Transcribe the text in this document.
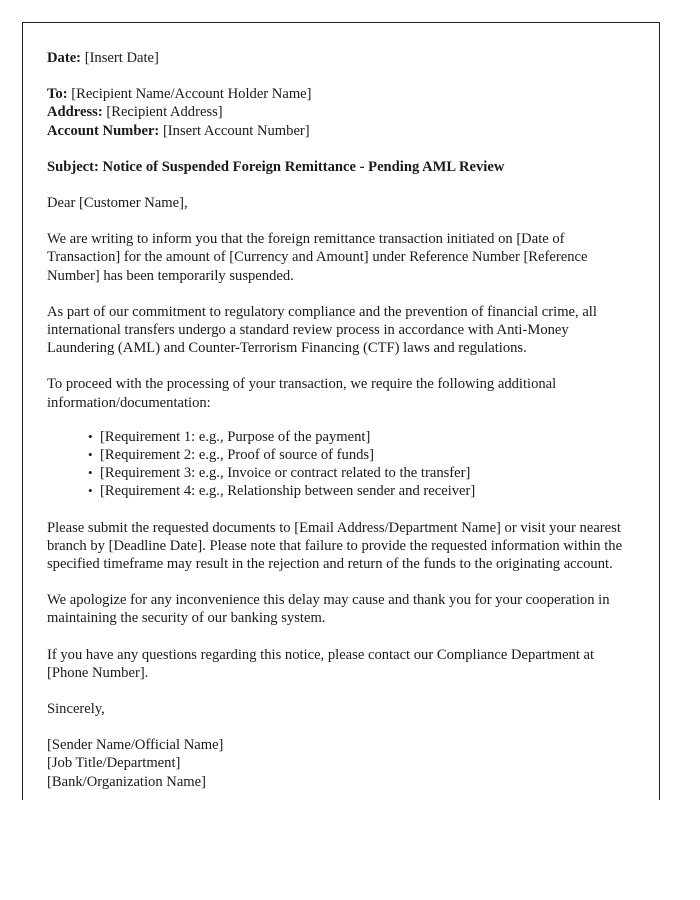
Date: [Insert Date]
To: [Recipient Name/Account Holder Name]
Address: [Recipient Address]
Account Number: [Insert Account Number]
Subject: Notice of Suspended Foreign Remittance - Pending AML Review

Dear [Customer Name],

We are writing to inform you that the foreign remittance transaction initiated on [Date of Transaction] for the amount of [Currency and Amount] under Reference Number [Reference Number] has been temporarily suspended.

As part of our commitment to regulatory compliance and the prevention of financial crime, all international transfers undergo a standard review process in accordance with Anti-Money Laundering (AML) and Counter-Terrorism Financing (CTF) laws and regulations.

To proceed with the processing of your transaction, we require the following additional information/documentation:

• [Requirement 1: e.g., Purpose of the payment]
• [Requirement 2: e.g., Proof of source of funds]
• [Requirement 3: e.g., Invoice or contract related to the transfer]
• [Requirement 4: e.g., Relationship between sender and receiver]

Please submit the requested documents to [Email Address/Department Name] or visit your nearest branch by [Deadline Date]. Please note that failure to provide the requested information within the specified timeframe may result in the rejection and return of the funds to the originating account.

We apologize for any inconvenience this delay may cause and thank you for your cooperation in maintaining the security of our banking system.

If you have any questions regarding this notice, please contact our Compliance Department at [Phone Number].

Sincerely,

[Sender Name/Official Name]
[Job Title/Department]
[Bank/Organization Name]
